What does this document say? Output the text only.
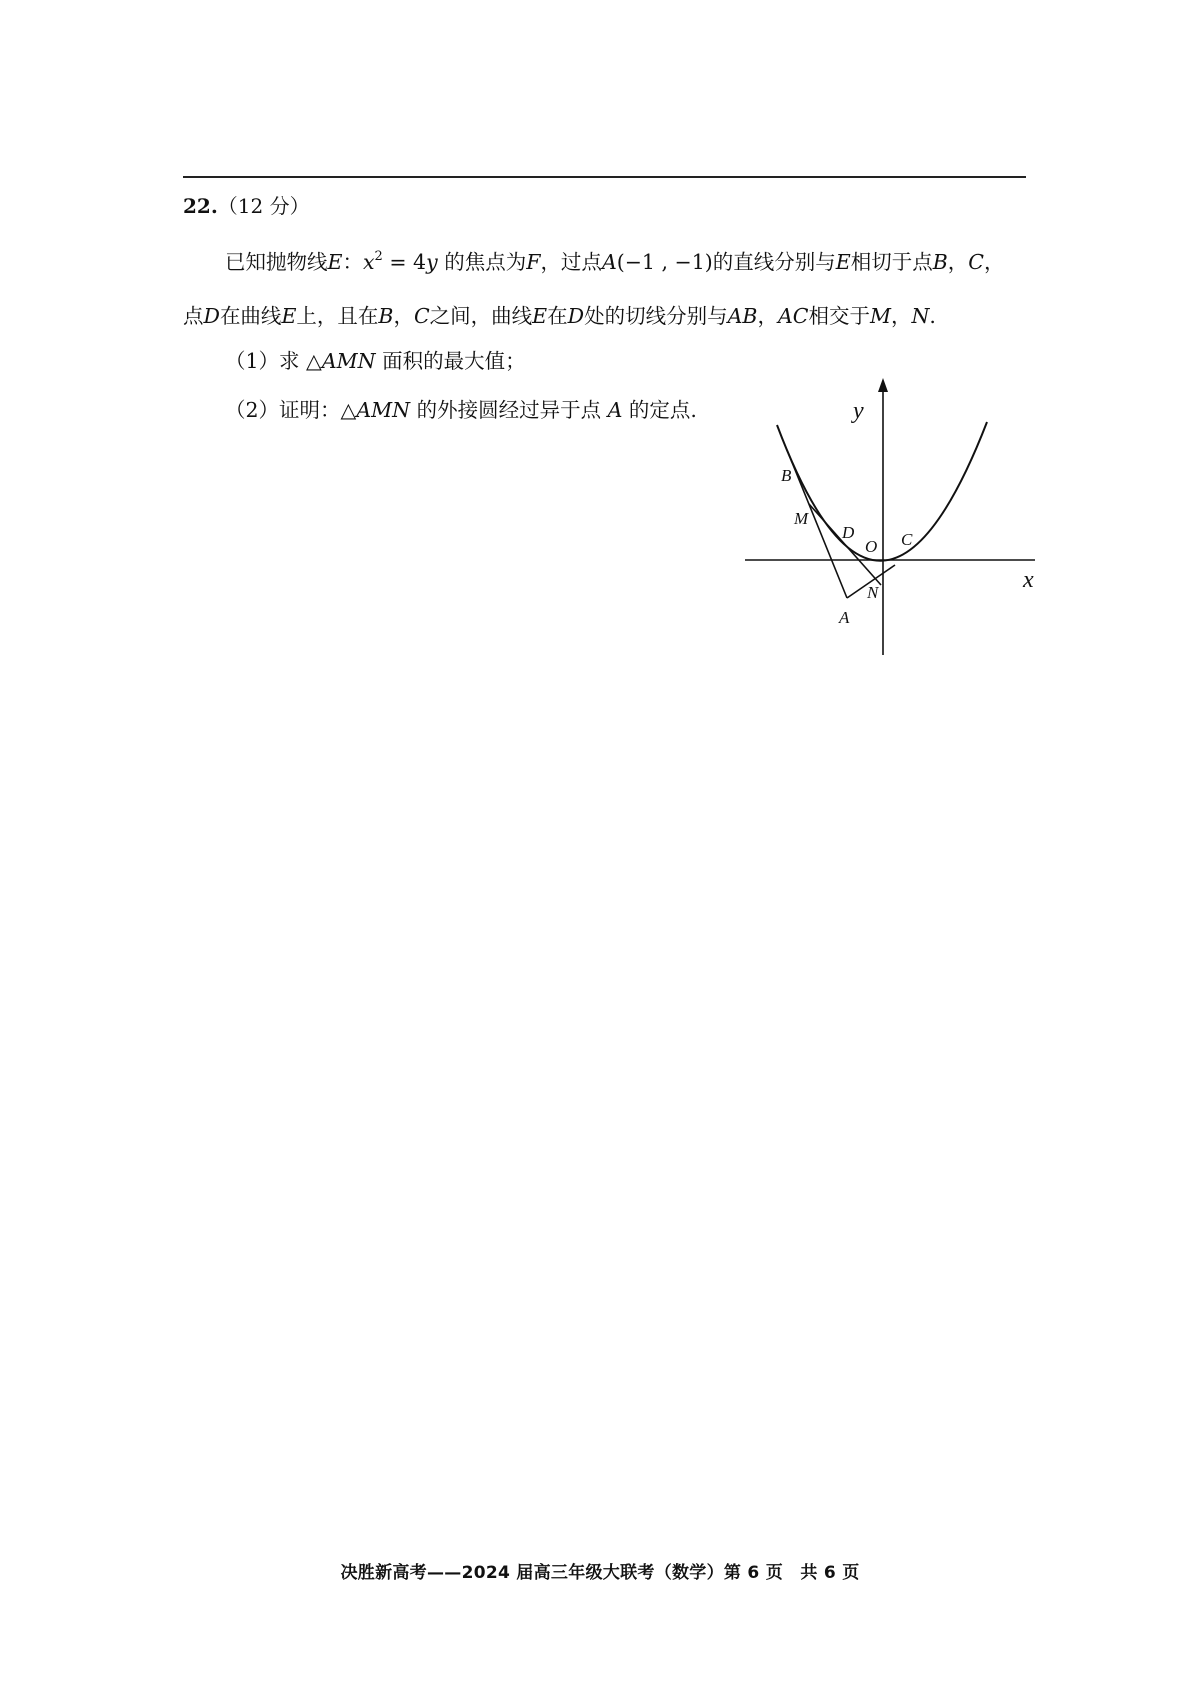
22.（12 分）
已知抛物线E：$x^2 = 4y$ 的焦点为F，过点A(−1 , −1)的直线分别与E相切于点B，C，
点D在曲线E上，且在B，C之间，曲线E在D处的切线分别与AB，AC相交于M，N.
（1）求 △AMN 面积的最大值；
（2）证明：△AMN 的外接圆经过异于点 A 的定点.	y
x
B
M
D
O C
N
A
决胜新高考——2024 届高三年级大联考（数学）第 6 页　共 6 页
